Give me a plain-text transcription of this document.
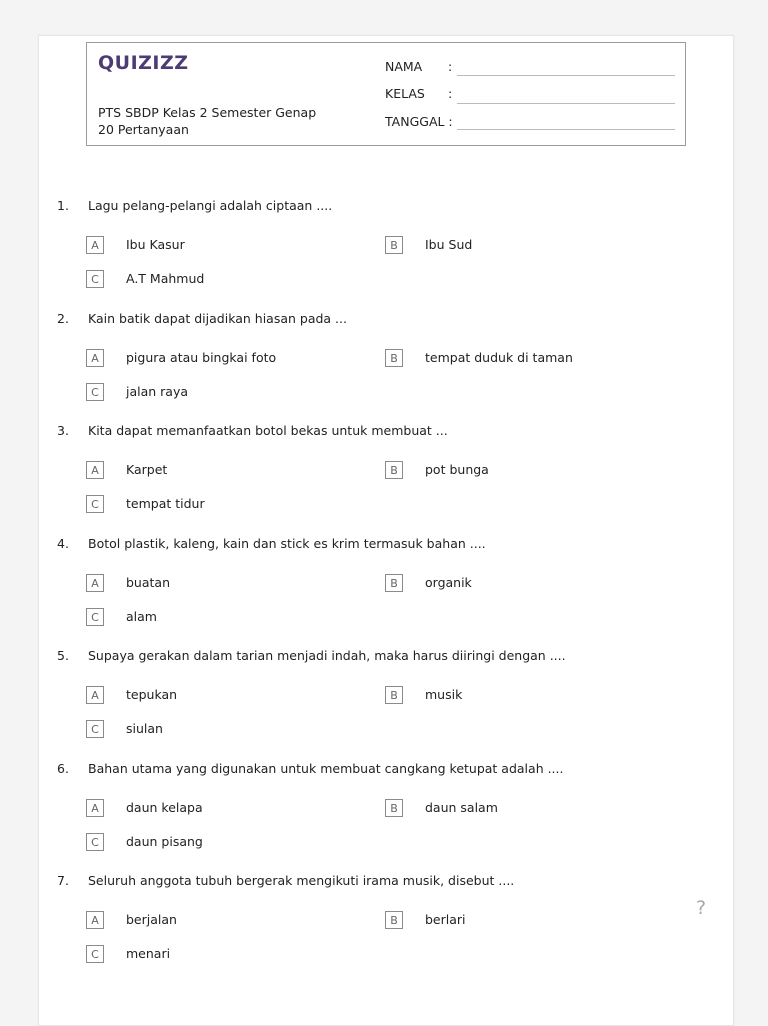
QUIZIZZ
PTS SBDP Kelas 2 Semester Genap
20 Pertanyaan
NAMA :
KELAS :
TANGGAL :
1.	Lagu pelang-pelangi adalah ciptaan ....
A	Ibu Kasur	B	Ibu Sud
C	A.T Mahmud
2.	Kain batik dapat dijadikan hiasan pada ...
A	pigura atau bingkai foto	B	tempat duduk di taman
C	jalan raya
3.	Kita dapat memanfaatkan botol bekas untuk membuat ...
A	Karpet	B	pot bunga
C	tempat tidur
4.	Botol plastik, kaleng, kain dan stick es krim termasuk bahan ....
A	buatan	B	organik
C	alam
5.	Supaya gerakan dalam tarian menjadi indah, maka harus diiringi dengan ....
A	tepukan	B	musik
C	siulan
6.	Bahan utama yang digunakan untuk membuat cangkang ketupat adalah ....
A	daun kelapa	B	daun salam
C	daun pisang
7.	Seluruh anggota tubuh bergerak mengikuti irama musik, disebut ....
A	berjalan	B	berlari
C	menari
?
